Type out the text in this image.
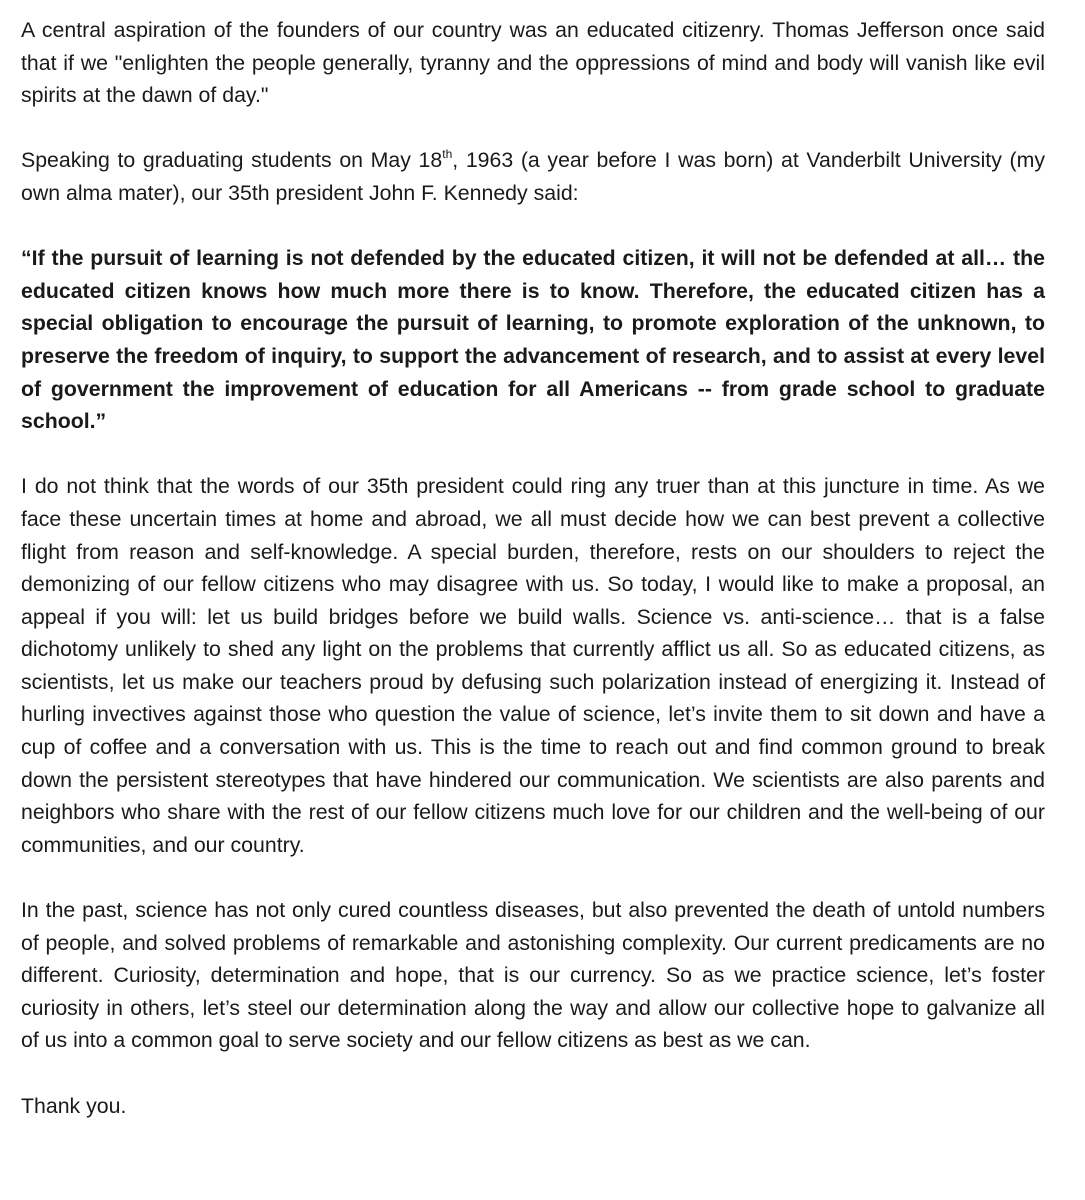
A central aspiration of the founders of our country was an educated citizenry. Thomas Jefferson once said that if we "enlighten the people generally, tyranny and the oppressions of mind and body will vanish like evil spirits at the dawn of day."

Speaking to graduating students on May 18th, 1963 (a year before I was born) at Vanderbilt University (my own alma mater), our 35th president John F. Kennedy said:

“If the pursuit of learning is not defended by the educated citizen, it will not be defended at all… the educated citizen knows how much more there is to know. Therefore, the educated citizen has a special obligation to encourage the pursuit of learning, to promote exploration of the unknown, to preserve the freedom of inquiry, to support the advancement of research, and to assist at every level of government the improvement of education for all Americans -- from grade school to graduate school.”

I do not think that the words of our 35th president could ring any truer than at this juncture in time. As we face these uncertain times at home and abroad, we all must decide how we can best prevent a collective flight from reason and self-knowledge. A special burden, therefore, rests on our shoulders to reject the demonizing of our fellow citizens who may disagree with us. So today, I would like to make a proposal, an appeal if you will: let us build bridges before we build walls. Science vs. anti-science… that is a false dichotomy unlikely to shed any light on the problems that currently afflict us all. So as educated citizens, as scientists, let us make our teachers proud by defusing such polarization instead of energizing it. Instead of hurling invectives against those who question the value of science, let’s invite them to sit down and have a cup of coffee and a conversation with us. This is the time to reach out and find common ground to break down the persistent stereotypes that have hindered our communication. We scientists are also parents and neighbors who share with the rest of our fellow citizens much love for our children and the well-being of our communities, and our country.

In the past, science has not only cured countless diseases, but also prevented the death of untold numbers of people, and solved problems of remarkable and astonishing complexity. Our current predicaments are no different. Curiosity, determination and hope, that is our currency. So as we practice science, let’s foster curiosity in others, let’s steel our determination along the way and allow our collective hope to galvanize all of us into a common goal to serve society and our fellow citizens as best as we can.

Thank you.
